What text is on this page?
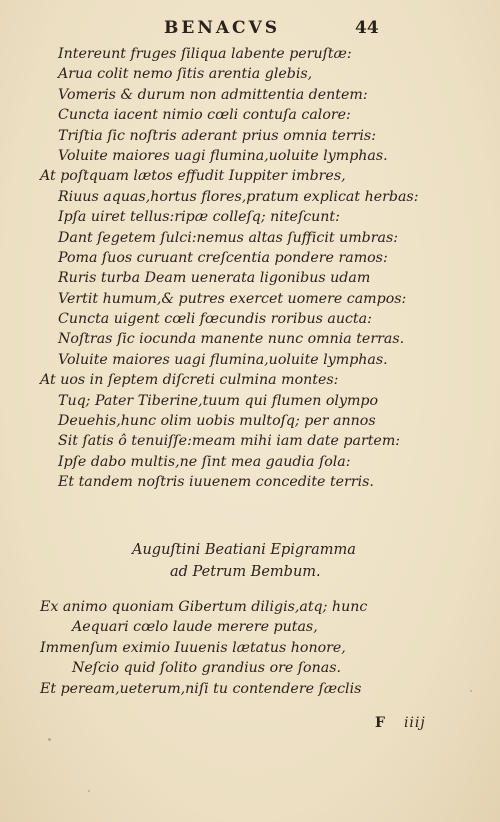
BENACVS	44
Intereunt fruges ſiliqua labente peruſtæ:
Arua colit nemo ſitis arentia glebis,
Vomeris & durum non admittentia dentem:
Cuncta iacent nimio cœli contuſa calore:
Triſtia ſic noſtris aderant prius omnia terris:
Voluite maiores uagi flumina,uoluite lymphas.
At poſtquam lætos effudit Iuppiter imbres,
Riuus aquas,hortus flores,pratum explicat herbas:
Ipſa uiret tellus:ripæ colleſq; niteſcunt:
Dant ſegetem ſulci:nemus altas ſufficit umbras:
Poma ſuos curuant creſcentia pondere ramos:
Ruris turba Deam uenerata ligonibus udam
Vertit humum,& putres exercet uomere campos:
Cuncta uigent cœli fœcundis roribus aucta:
Noſtras ſic iocunda manente nunc omnia terras.
Voluite maiores uagi flumina,uoluite lymphas.
At uos in ſeptem diſcreti culmina montes:
Tuq; Pater Tiberine,tuum qui flumen olympo
Deuehis,hunc olim uobis multoſq; per annos
Sit ſatis ô tenuiſſe:meam mihi iam date partem:
Ipſe dabo multis,ne ſint mea gaudia ſola:
Et tandem noſtris iuuenem concedite terris.
Auguſtini Beatiani Epigramma
ad Petrum Bembum.
Ex animo quoniam Gibertum diligis,atq; hunc
Aequari cœlo laude merere putas,
Immenſum eximio Iuuenis lætatus honore,
Neſcio quid ſolito grandius ore ſonas.
Et peream,ueterum,niſi tu contendere ſæclis
F iiij
